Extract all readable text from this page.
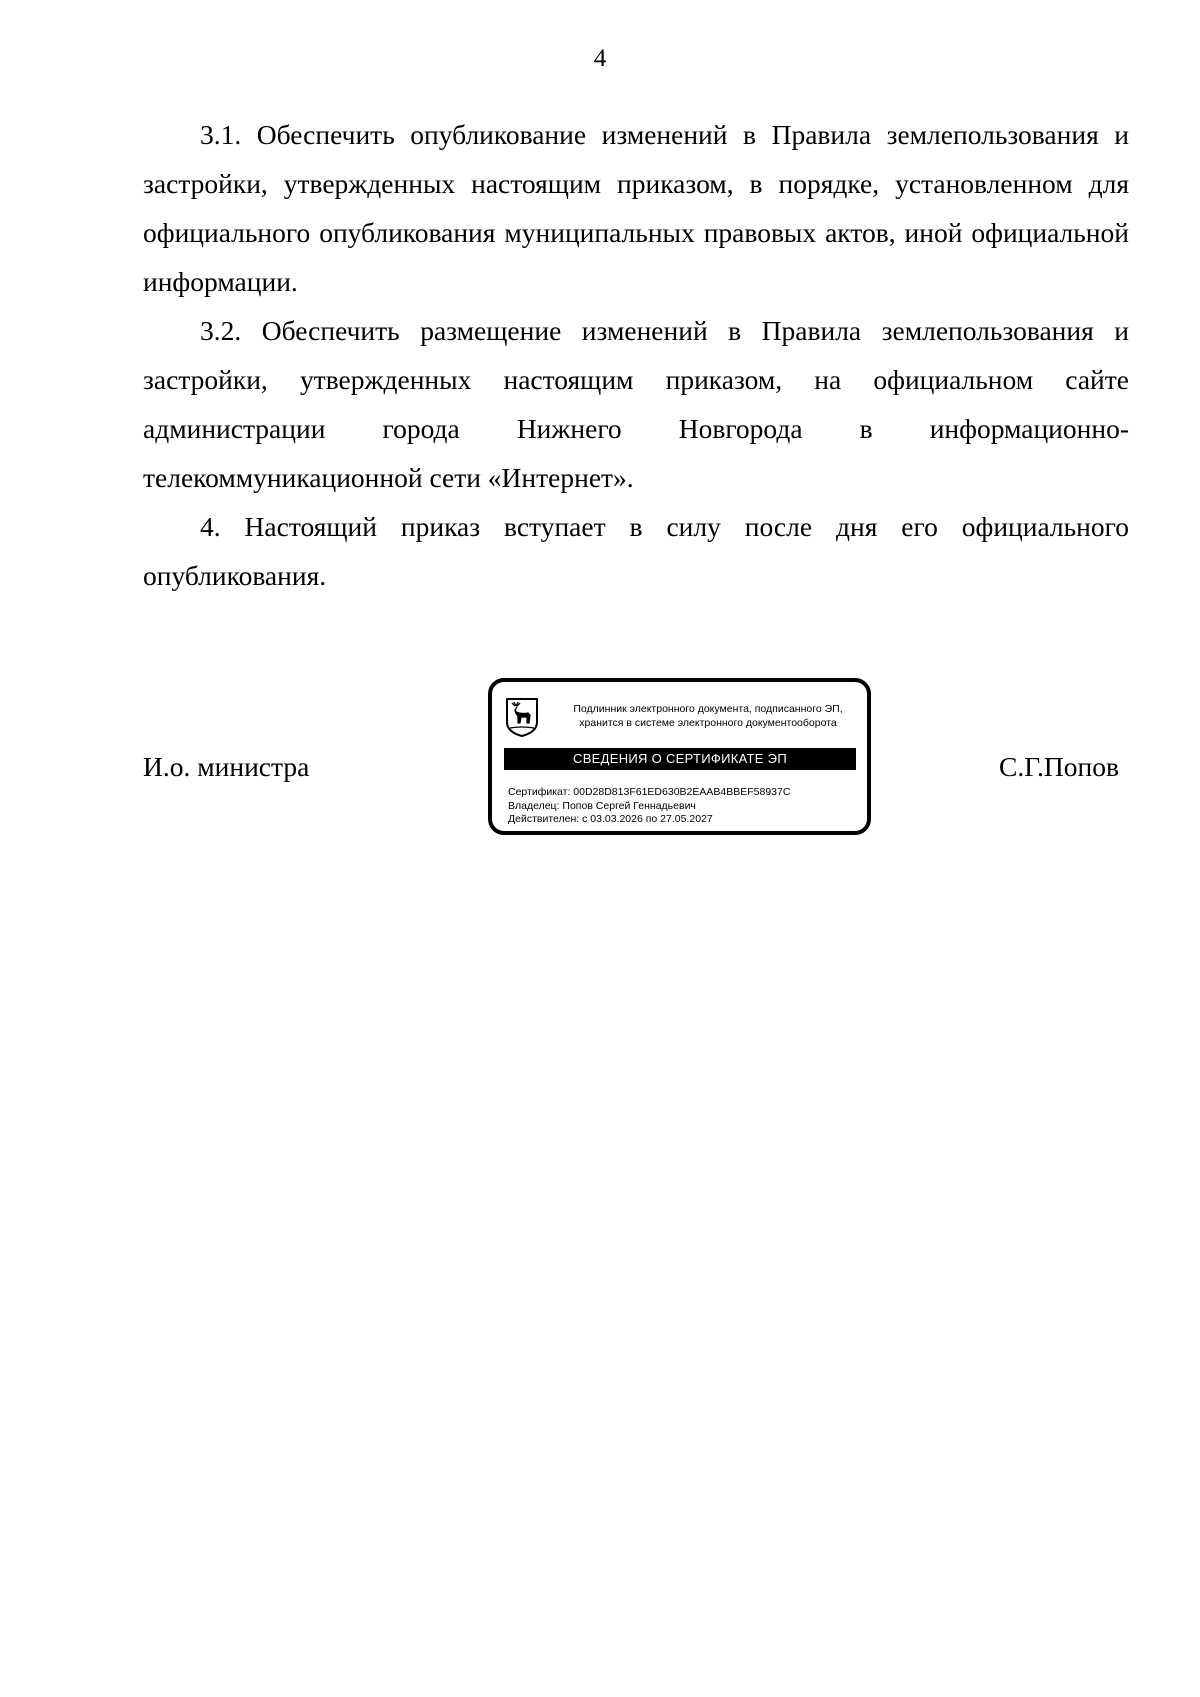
4

3.1. Обеспечить опубликование изменений в Правила землепользования и застройки, утвержденных настоящим приказом, в порядке, установленном для официального опубликования муниципальных правовых актов, иной официальной информации.

3.2. Обеспечить размещение изменений в Правила землепользования и застройки, утвержденных настоящим приказом, на официальном сайте администрации города Нижнего Новгорода в информационно-телекоммуникационной сети «Интернет».

4. Настоящий приказ вступает в силу после дня его официального опубликования.

И.о. министра	С.Г.Попов
Подлинник электронного документа, подписанного ЭП,
хранится в системе электронного документооборота
СВЕДЕНИЯ О СЕРТИФИКАТЕ ЭП
Сертификат: 00D28D813F61ED630B2EAAB4BBEF58937C
Владелец: Попов Сергей Геннадьевич
Действителен: с 03.03.2026 по 27.05.2027
